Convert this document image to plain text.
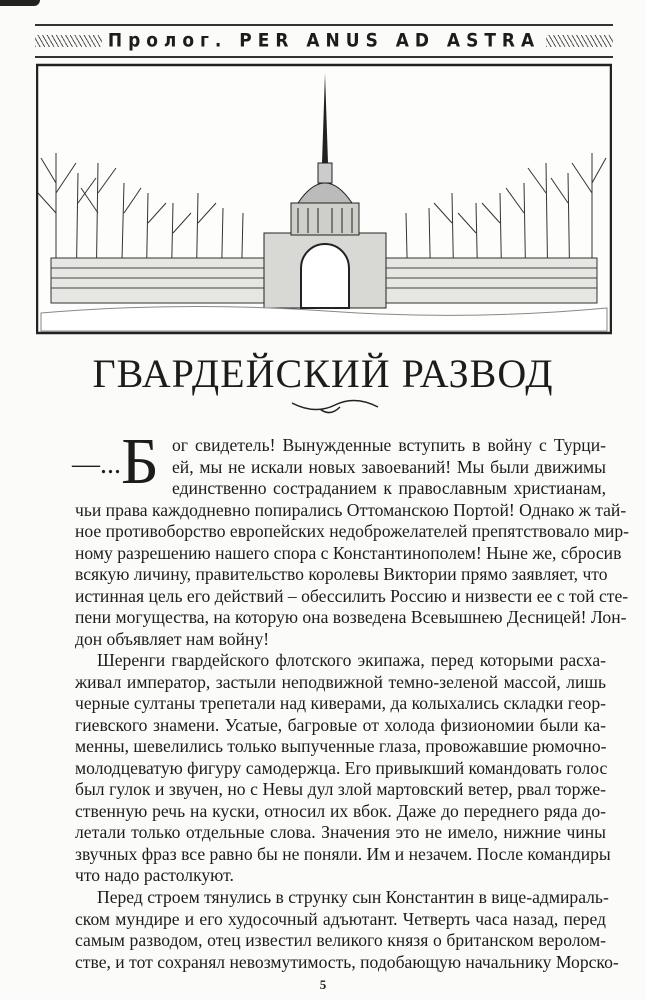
Пролог. PER ANUS AD ASTRA
ГВАРДЕЙСКИЙ РАЗВОД
—...Б ог свидетель! Вынужденные вступить в войну с Турци-
ей, мы не искали новых завоеваний! Мы были движимы
единственно состраданием к православным христианам,
чьи права каждодневно попирались Оттоманскою Портой! Однако ж тай-
ное противоборство европейских недоброжелателей препятствовало мир-
ному разрешению нашего спора с Константинополем! Ныне же, сбросив
всякую личину, правительство королевы Виктории прямо заявляет, что
истинная цель его действий – обессилить Россию и низвести ее с той сте-
пени могущества, на которую она возведена Всевышнею Десницей! Лон-
дон объявляет нам войну!
Шеренги гвардейского флотского экипажа, перед которыми расха-
живал император, застыли неподвижной темно-зеленой массой, лишь
черные султаны трепетали над киверами, да колыхались складки геор-
гиевского знамени. Усатые, багровые от холода физиономии были ка-
менны, шевелились только выпученные глаза, провожавшие рюмочно-
молодцеватую фигуру самодержца. Его привыкший командовать голос
был гулок и звучен, но с Невы дул злой мартовский ветер, рвал торже-
ственную речь на куски, относил их вбок. Даже до переднего ряда до-
летали только отдельные слова. Значения это не имело, нижние чины
звучных фраз все равно бы не поняли. Им и незачем. После командиры
что надо растолкуют.
Перед строем тянулись в струнку сын Константин в вице-адмираль-
ском мундире и его худосочный адъютант. Четверть часа назад, перед
самым разводом, отец известил великого князя о британском веролом-
стве, и тот сохранял невозмутимость, подобающую начальнику Морско-
5
